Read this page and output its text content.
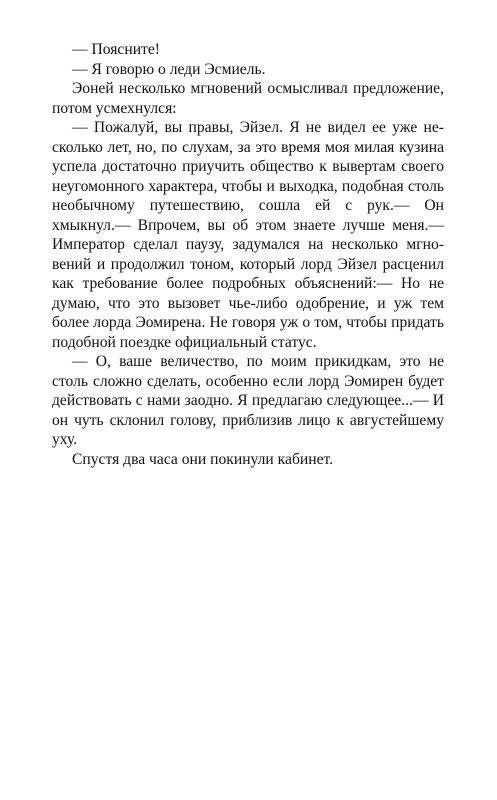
— Поясните!

— Я говорю о леди Эсмиель.

Эоней несколько мгновений осмысливал предложение, потом усмехнулся:

— Пожалуй, вы правы, Эйзел. Я не видел ее уже несколько лет, но, по слухам, за это время моя милая кузина успела достаточно приучить общество к вывертам своего неугомонного характера, чтобы и выходка, подобная столь необычному путешествию, сошла ей с рук.— Он хмыкнул.— Впрочем, вы об этом знаете лучше меня.— Император сделал паузу, задумался на несколько мгновений и продолжил тоном, который лорд Эйзел расценил как требование более подробных объяснений:— Но не думаю, что это вызовет чье-либо одобрение, и уж тем более лорда Эомирена. Не говоря уж о том, чтобы придать подобной поездке официальный статус.

— О, ваше величество, по моим прикидкам, это не столь сложно сделать, особенно если лорд Эомирен будет действовать с нами заодно. Я предлагаю следующее...— И он чуть склонил голову, приблизив лицо к августейшему уху.

Спустя два часа они покинули кабинет.
